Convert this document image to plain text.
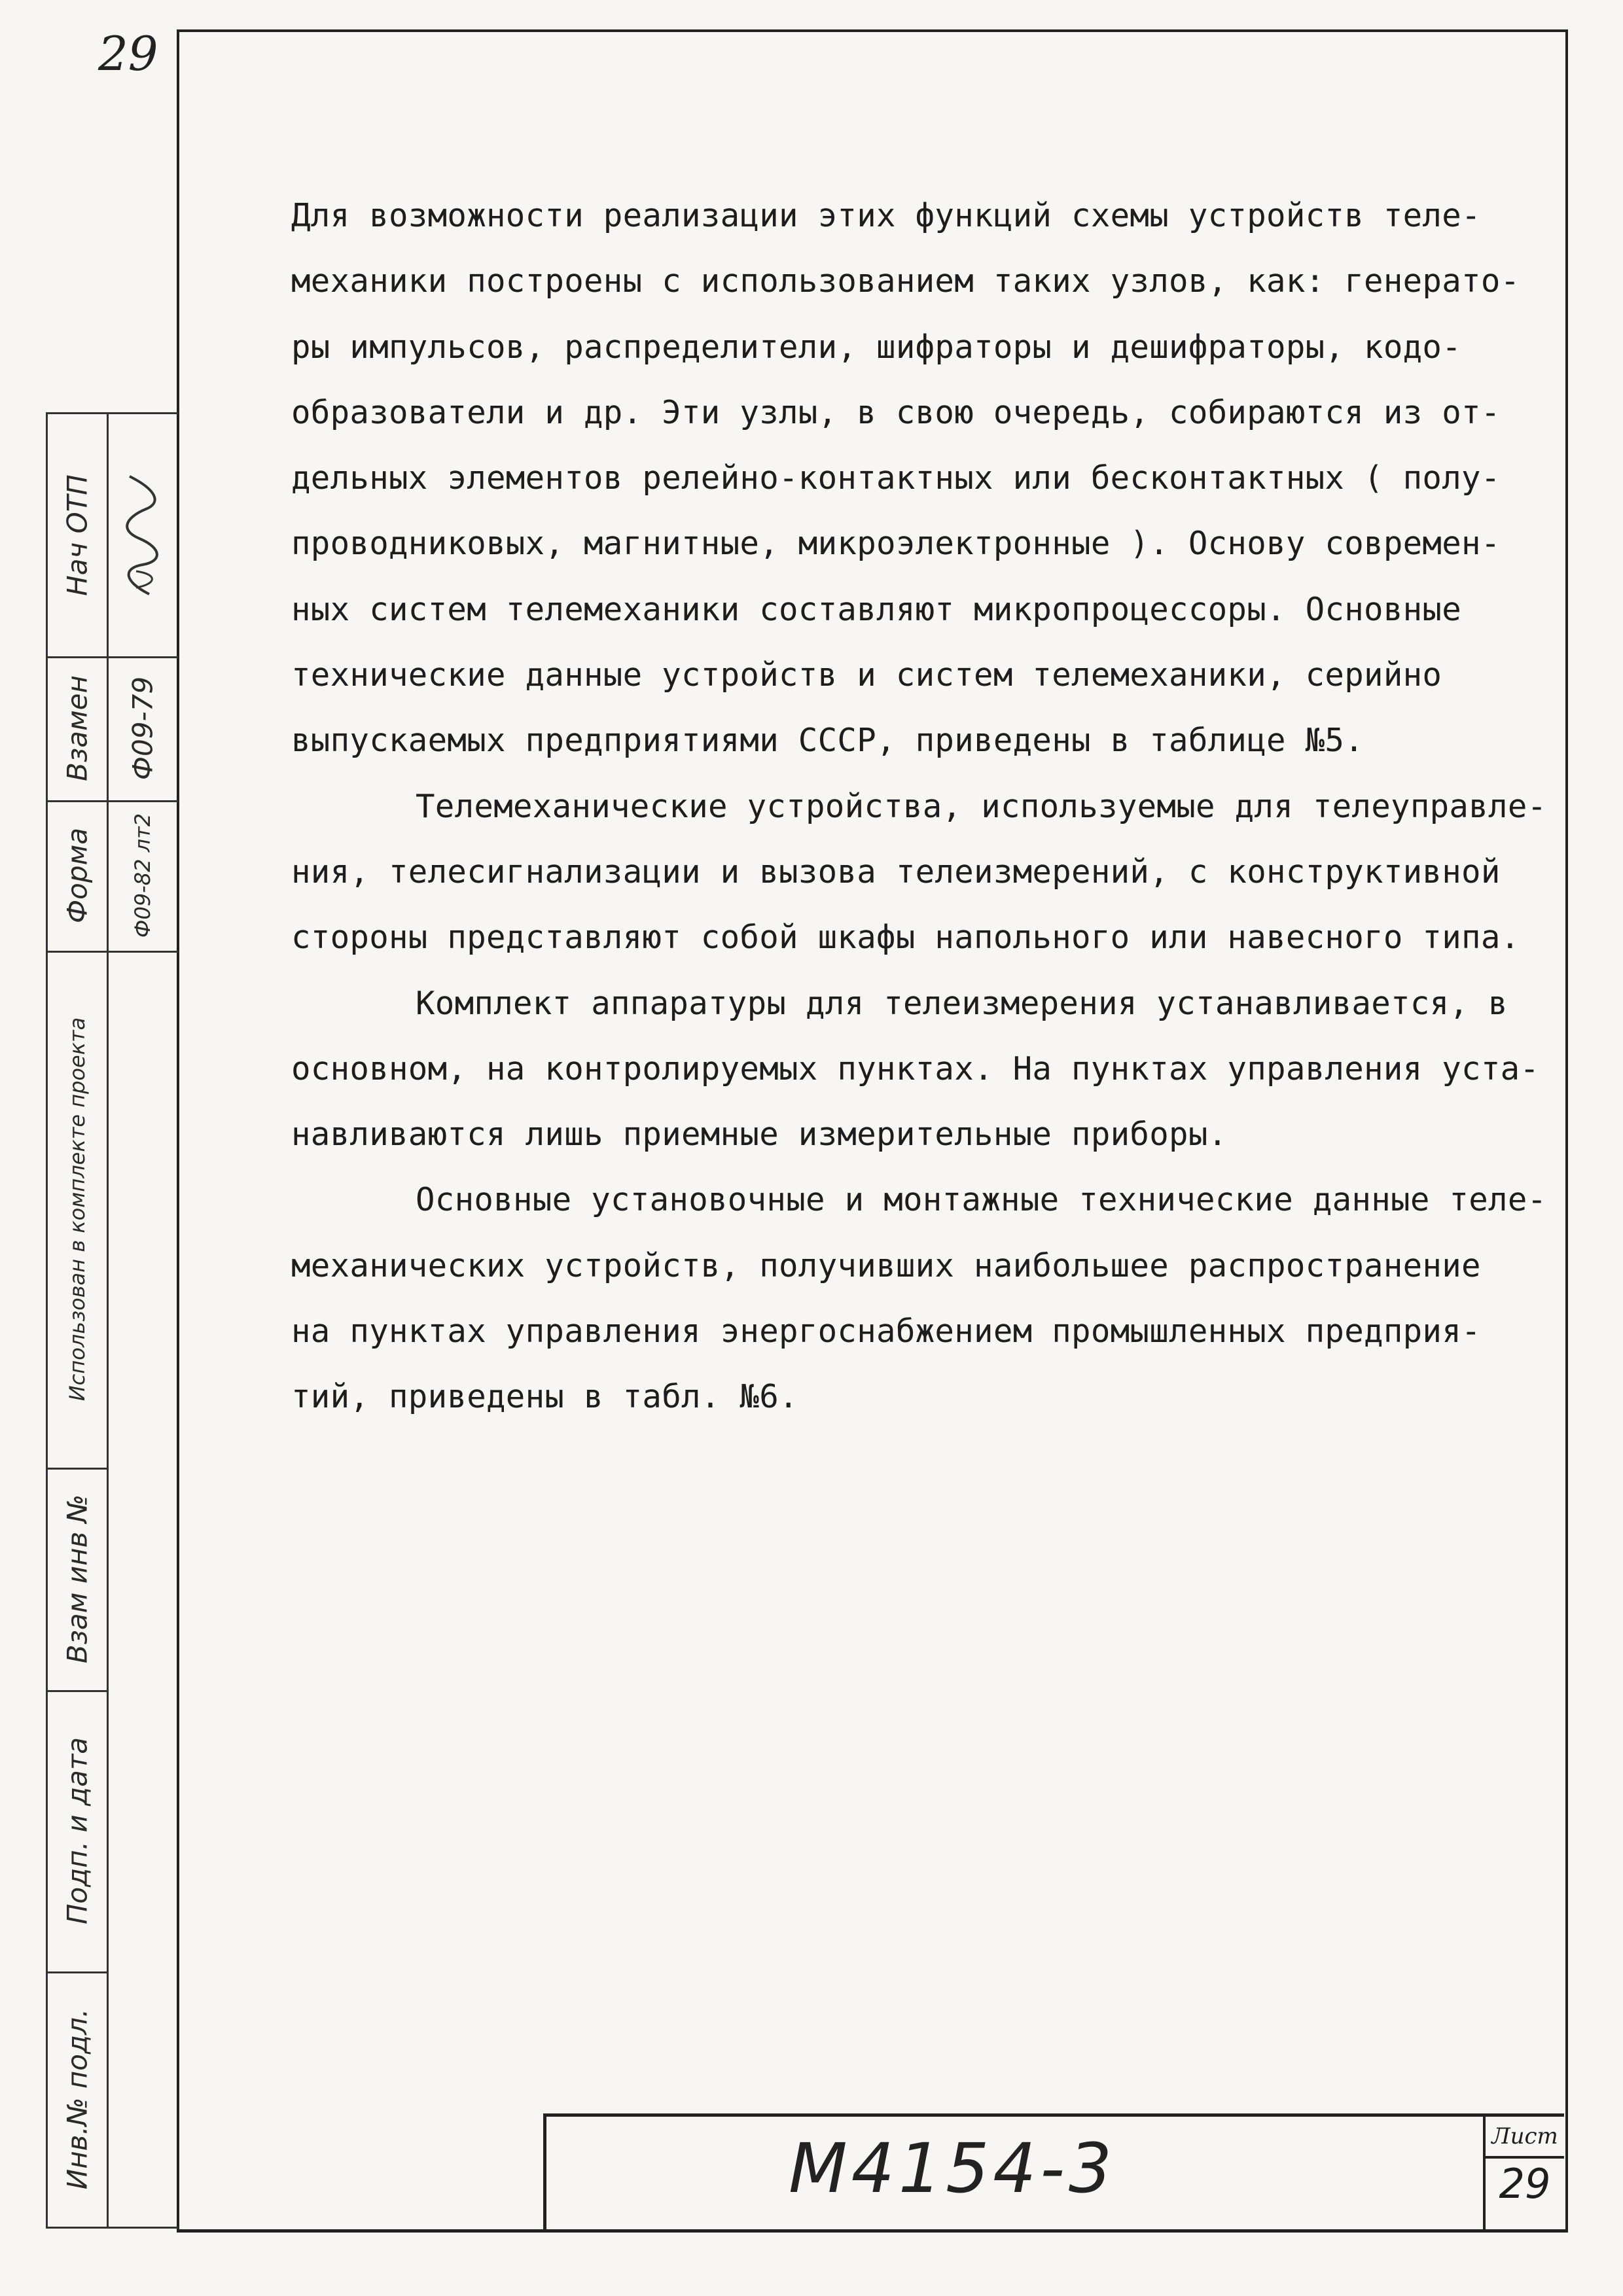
29
Нач ОТП
Взамен
Форма
Использован в комплекте проекта
Взам инв №
Подп. и дата
Инв.№ подл.
Ф09-79
Ф09-82 лт2
Для возможности реализации этих функций схемы устройств теле-
механики построены с использованием таких узлов, как: генерато-
ры импульсов, распределители, шифраторы и дешифраторы, кодо-
образователи и др. Эти узлы, в свою очередь, собираются из от-
дельных элементов релейно-контактных или бесконтактных ( полу-
проводниковых, магнитные, микроэлектронные ). Основу современ-
ных систем телемеханики составляют микропроцессоры. Основные
технические данные устройств и систем телемеханики, серийно
выпускаемых предприятиями СССР, приведены в таблице №5.
Телемеханические устройства, используемые для телеуправле-
ния, телесигнализации и вызова телеизмерений, с конструктивной
стороны представляют собой шкафы напольного или навесного типа.
Комплект аппаратуры для телеизмерения устанавливается, в
основном, на контролируемых пунктах. На пунктах управления уста-
навливаются лишь приемные измерительные приборы.
Основные установочные и монтажные технические данные теле-
механических устройств, получивших наибольшее распространение
на пунктах управления энергоснабжением промышленных предприя-
тий, приведены в табл. №6.
М4154-3	Лист
29
